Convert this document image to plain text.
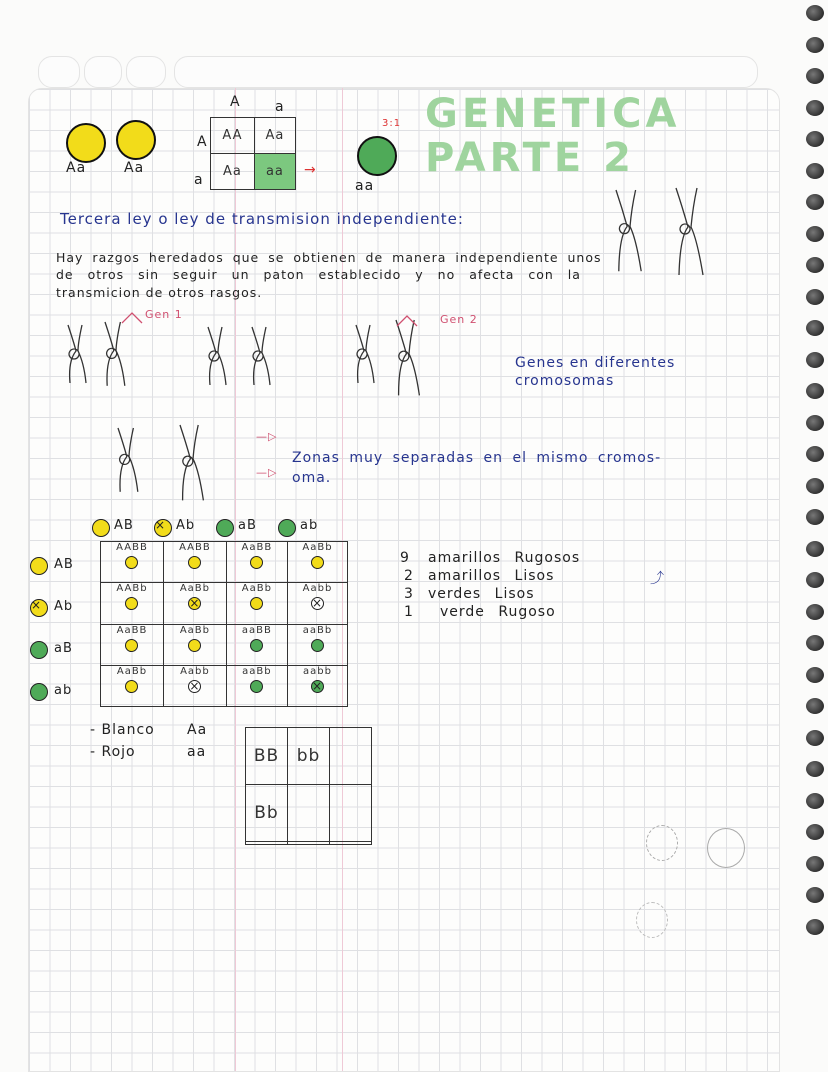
GENETICA PARTE 2
3:1
Aa	Aa
A a
A
a
AA	Aa
Aa	aa →
aa
Tercera ley o ley de transmision independiente:
Hay razgos heredados que se obtienen de manera independiente unos
de otros sin seguir un paton establecido y no afecta con la
transmicion de otros rasgos.
Gen 1	Gen 2
Genes en diferentes
cromosomas
—▷
—▷
Zonas muy separadas en el mismo cromos-
oma.
AB
×	Ab	aB	ab
AB
×
Ab
aB
ab
AABB	AABB	AaBB	AaBb

AABb	AaBb
×	AaBb	Aabb
×

AaBB	AaBb	aaBB	aaBb

AaBb	Aabb
×	aaBb	aabb
×
9 amarillos Rugosos
2 amarillos Lisos
3 verdes Lisos
1 verde Rugoso
⤴
- Blanco Aa
- Rojo	aa	BB	bb	
Bb		
